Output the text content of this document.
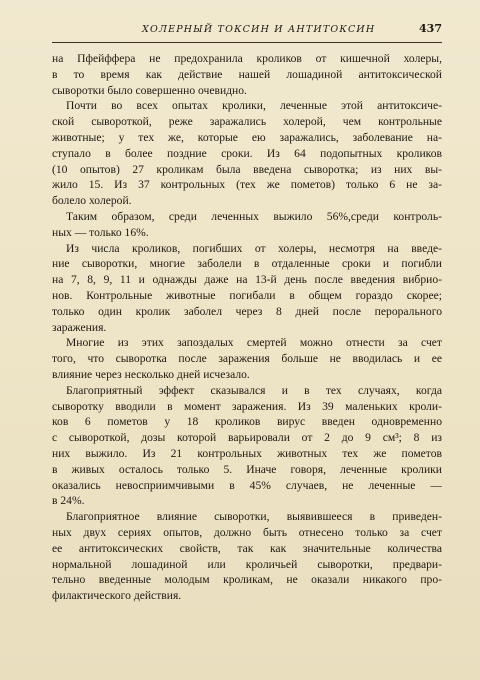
ХОЛЕРНЫЙ ТОКСИН И АНТИТОКСИН	437
на Пфейффера не предохранила кроликов от кишечной холеры,
в то время как действие нашей лошадиной антитоксической
сыворотки было совершенно очевидно.
Почти во всех опытах кролики, леченные этой антитоксиче-
ской сывороткой, реже заражались холерой, чем контрольные
животные; у тех же, которые ею заражались, заболевание на-
ступало в более поздние сроки. Из 64 подопытных кроликов
(10 опытов) 27 кроликам была введена сыворотка; из них вы-
жило 15. Из 37 контрольных (тех же пометов) только 6 не за-
болело холерой.
Таким образом, среди леченных выжило 56%,среди контроль-
ных — только 16%.
Из числа кроликов, погибших от холеры, несмотря на введе-
ние сыворотки, многие заболели в отдаленные сроки и погибли
на 7, 8, 9, 11 и однажды даже на 13-й день после введения вибрио-
нов. Контрольные животные погибали в общем гораздо скорее;
только один кролик заболел через 8 дней после перорального
заражения.
Многие из этих запоздалых смертей можно отнести за счет
того, что сыворотка после заражения больше не вводилась и ее
влияние через несколько дней исчезало.
Благоприятный эффект сказывался и в тех случаях, когда
сыворотку вводили в момент заражения. Из 39 маленьких кроли-
ков 6 пометов у 18 кроликов вирус введен одновременно
с сывороткой, дозы которой варьировали от 2 до 9 см³; 8 из
них выжило. Из 21 контрольных животных тех же пометов
в живых осталось только 5. Иначе говоря, леченные кролики
оказались невосприимчивыми в 45% случаев, не леченные —
в 24%.
Благоприятное влияние сыворотки, выявившееся в приведен-
ных двух сериях опытов, должно быть отнесено только за счет
ее антитоксических свойств, так как значительные количества
нормальной лошадиной или кроличьей сыворотки, предвари-
тельно введенные молодым кроликам, не оказали никакого про-
филактического действия.
